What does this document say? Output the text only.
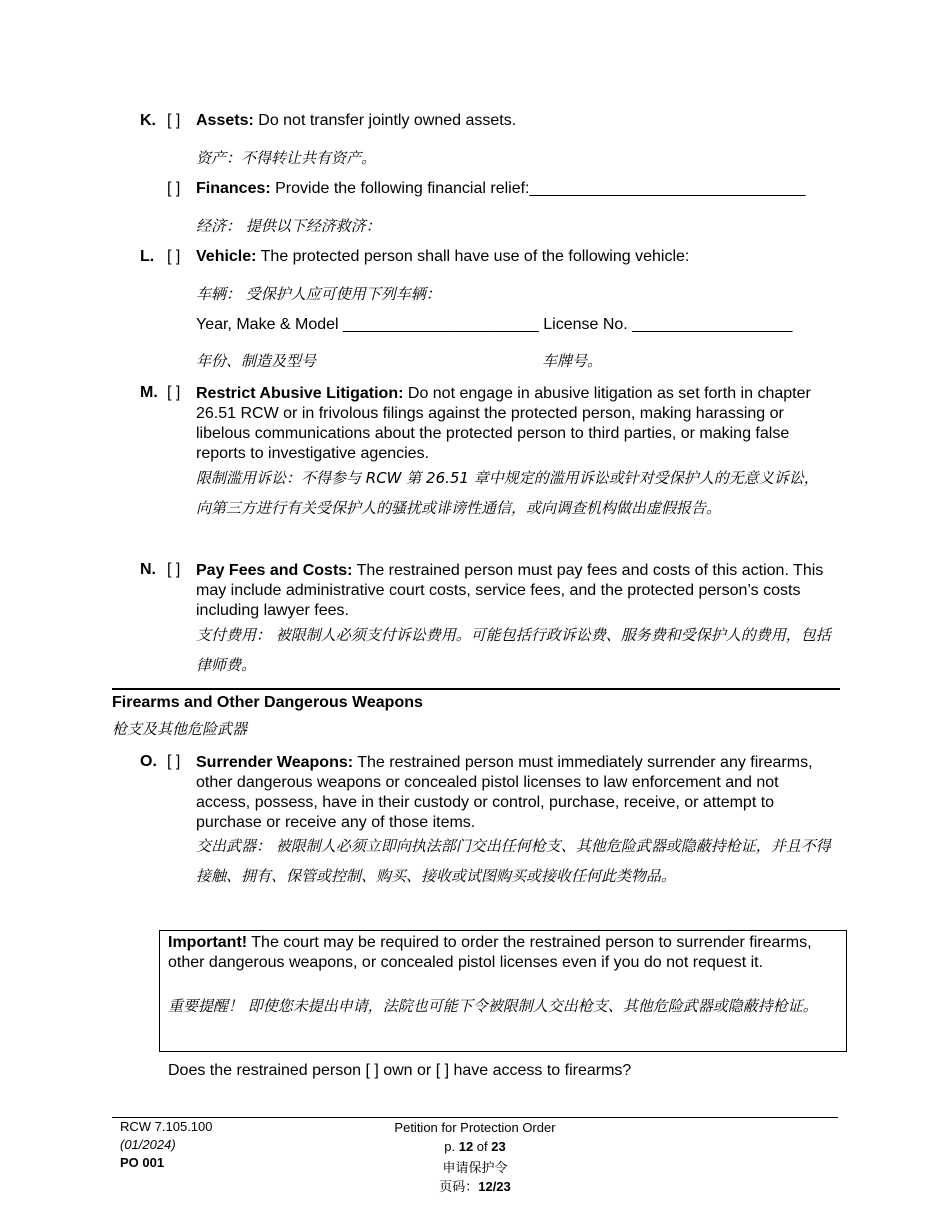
K. [ ] Assets: Do not transfer jointly owned assets.
资产：不得转让共有资产。
[ ] Finances: Provide the following financial relief:_______________________________
经济： 提供以下经济救济：
L. [ ] Vehicle: The protected person shall have use of the following vehicle:
车辆： 受保护人应可使用下列车辆：
Year, Make & Model ______________________ License No. __________________
年份、制造及型号	车牌号。
M. [ ] Restrict Abusive Litigation: Do not engage in abusive litigation as set forth in chapter 26.51 RCW or in frivolous filings against the protected person, making harassing or libelous communications about the protected person to third parties, or making false reports to investigative agencies.
限制滥用诉讼：不得参与 RCW 第 26.51 章中规定的滥用诉讼或针对受保护人的无意义诉讼，向第三方进行有关受保护人的骚扰或诽谤性通信，或向调查机构做出虚假报告。
N. [ ] Pay Fees and Costs: The restrained person must pay fees and costs of this action. This may include administrative court costs, service fees, and the protected person’s costs including lawyer fees.
支付费用： 被限制人必须支付诉讼费用。可能包括行政诉讼费、服务费和受保护人的费用，包括律师费。
Firearms and Other Dangerous Weapons
枪支及其他危险武器
O. [ ] Surrender Weapons: The restrained person must immediately surrender any firearms, other dangerous weapons or concealed pistol licenses to law enforcement and not access, possess, have in their custody or control, purchase, receive, or attempt to purchase or receive any of those items.
交出武器： 被限制人必须立即向执法部门交出任何枪支、其他危险武器或隐蔽持枪证，并且不得接触、拥有、保管或控制、购买、接收或试图购买或接收任何此类物品。
Important! The court may be required to order the restrained person to surrender firearms, other dangerous weapons, or concealed pistol licenses even if you do not request it.
重要提醒！ 即使您未提出申请，法院也可能下令被限制人交出枪支、其他危险武器或隐蔽持枪证。
Does the restrained person [ ] own or [ ] have access to firearms?
RCW 7.105.100
(01/2024)
PO 001
Petition for Protection Order
p. 12 of 23
申请保护令
页码：12/23
